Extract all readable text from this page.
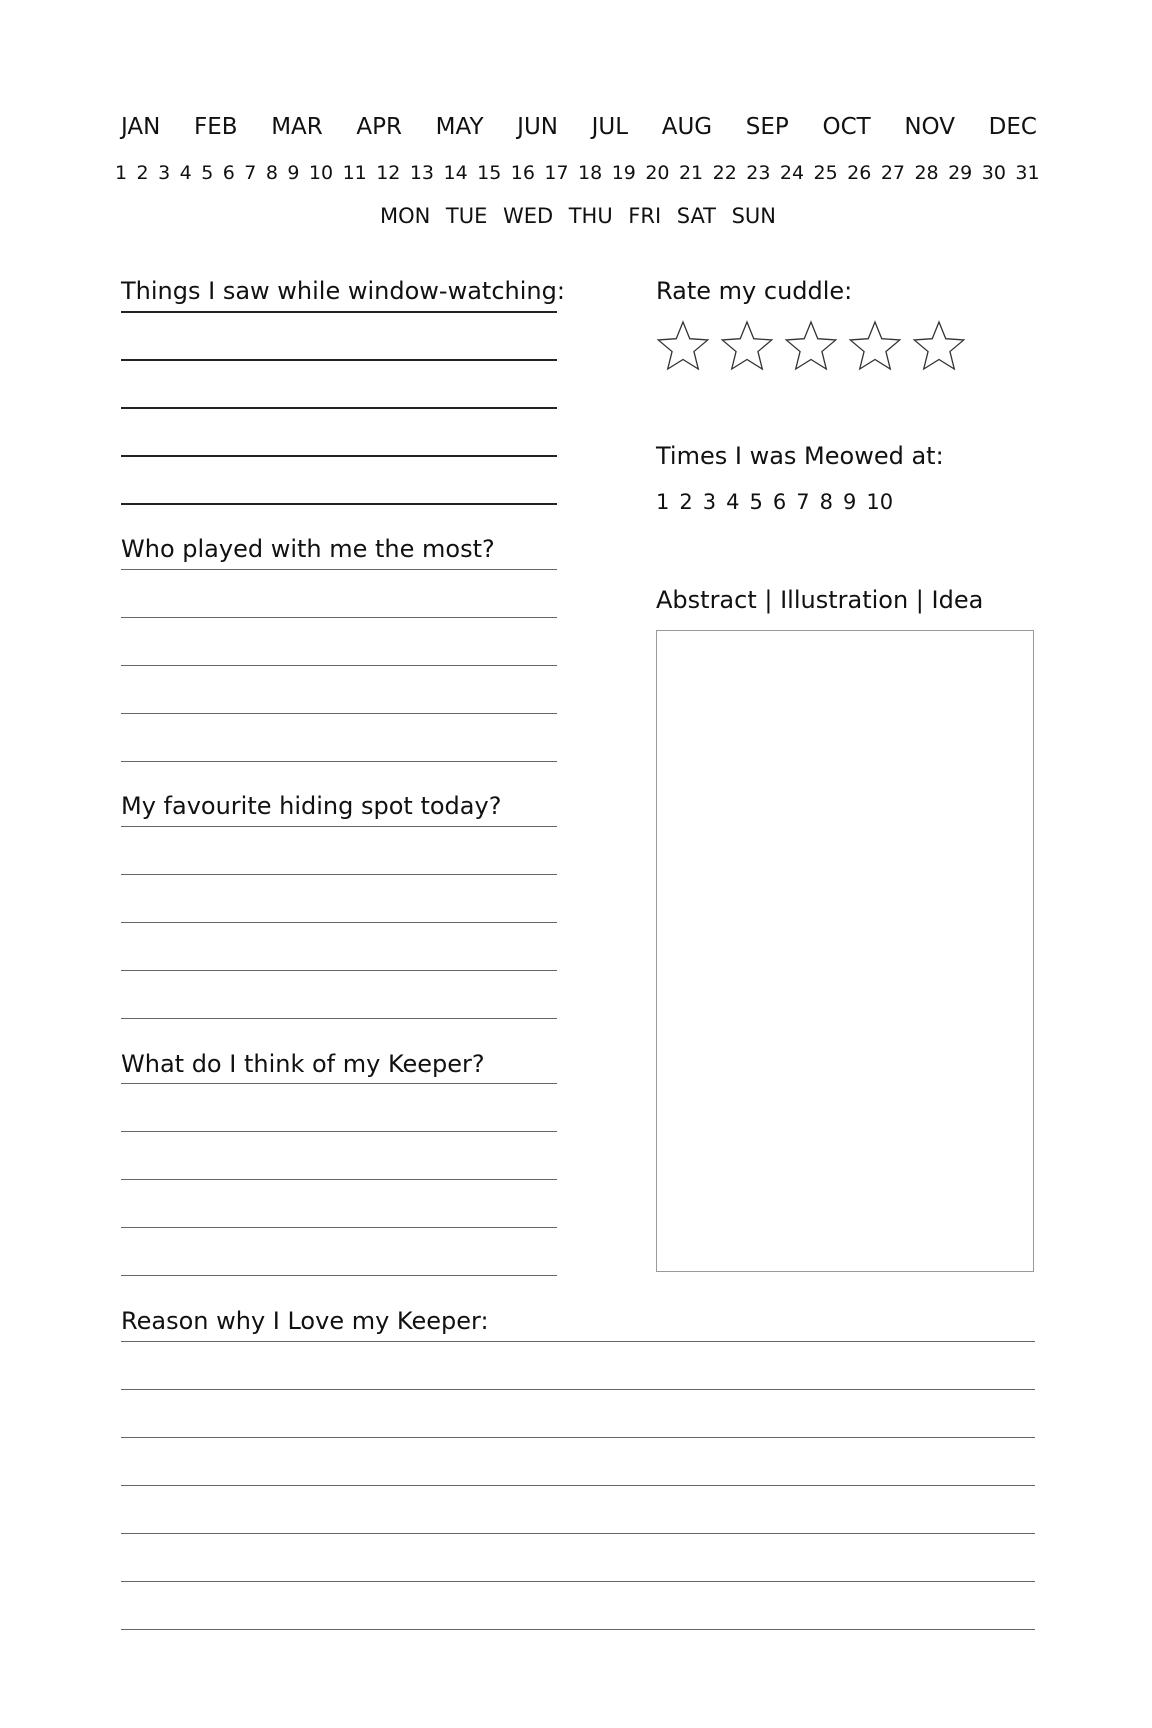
JAN FEB MAR APR MAY JUN JUL AUG SEP OCT NOV DEC
1 2 3 4 5 6 7 8 9 10 11 12 13 14 15 16 17 18 19 20 21 22 23 24 25 26 27 28 29 30 31
MON TUE WED THU FRI SAT SUN
Things I saw while window-watching:
Who played with me the most?
My favourite hiding spot today?
What do I think of my Keeper?
Reason why I Love my Keeper:
Rate my cuddle:
Times I was Meowed at:
1 2 3 4 5 6 7 8 9 10
Abstract | Illustration | Idea
